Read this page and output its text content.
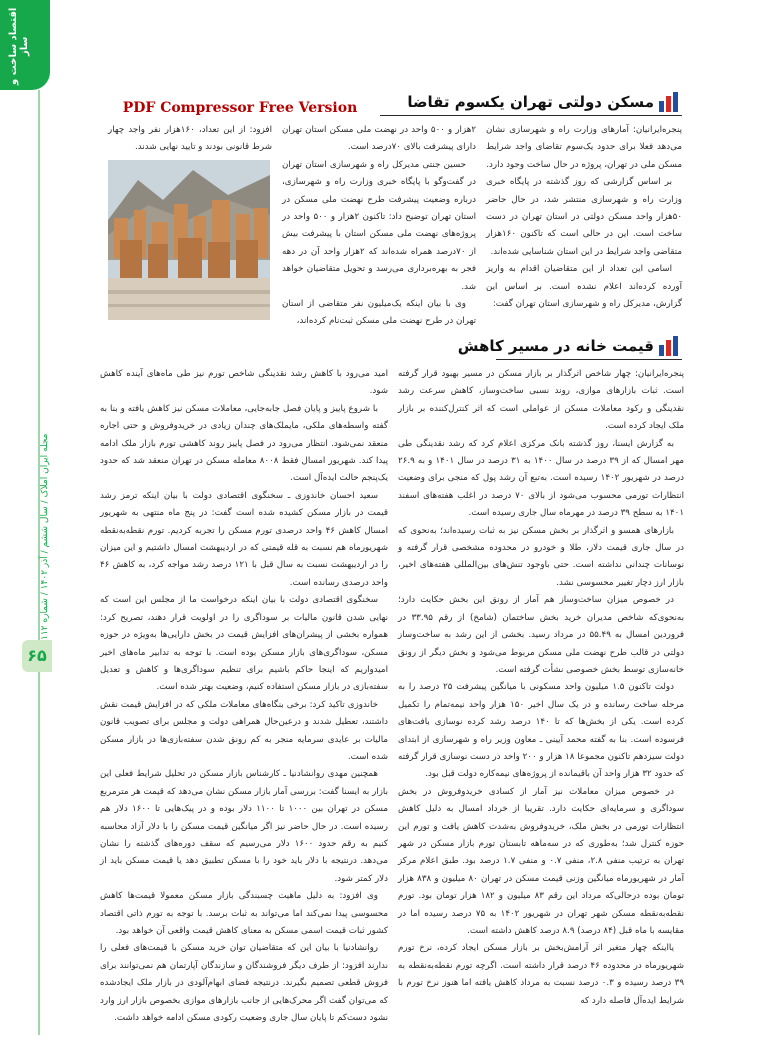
اقتصاد ساخت و ساز
مجله ایران املاک / سال ششم / آذر ۱۴۰۲ / شماره ۱۱۲
۶۵
PDF Compressor Free Version	مسکن دولتی تهران یکسوم تقاضا

پنجره‌ایرانیان: آمارهای وزارت راه و شهرسازی نشان می‌دهد فعلا برای حدود یک‌سوم تقاضای واجد شرایط مسکن ملی در تهران، پروژه در حال ساخت وجود دارد.

بر اساس گزارشی که روز گذشته در پایگاه خبری وزارت راه و شهرسازی منتشر شد، در حال حاضر ۵۰هزار واحد مسکن دولتی در استان تهران در دست ساخت است. این در حالی است که تاکنون ۱۶۰هزار متقاضی واجد شرایط در این استان شناسایی شده‌اند.

اسامی این تعداد از این متقاضیان اقدام به واریز آورده کرده‌اند اعلام نشده است. بر اساس این گزارش، مدیرکل راه و شهرسازی استان تهران گفت:

۲هزار و ۵۰۰ واحد در نهضت ملی مسکن استان تهران دارای پیشرفت بالای ۷۰درصد است.

حسین جنتی مدیرکل راه و شهرسازی استان تهران در گفت‌وگو با پایگاه خبری وزارت راه و شهرسازی، درباره وضعیت پیشرفت طرح نهضت ملی مسکن در استان تهران توضیح داد: تاکنون ۲هزار و ۵۰۰ واحد در پروژه‌های نهضت ملی مسکن استان با پیشرفت بیش از ۷۰درصد همراه شده‌اند که ۲هزار واحد آن در دهه فجر به بهره‌برداری می‌رسد و تحویل متقاضیان خواهد شد.

وی با بیان اینکه یک‌میلیون نفر متقاضی از استان تهران در طرح نهضت ملی مسکن ثبت‌نام کرده‌اند،

افزود: از این تعداد، ۱۶۰هزار نفر واجد چهار شرط قانونی بودند و تایید نهایی شدند.

قیمت خانه در مسیر کاهش

پنجره‌ایرانیان: چهار شاخص اثرگذار بر بازار مسکن در مسیر بهبود قرار گرفته است. ثبات بازارهای موازی، روند نسبی ساخت‌وساز، کاهش سرعت رشد نقدینگی و رکود معاملات مسکن از عواملی است که اثر کنترل‌کننده بر بازار ملک ایجاد کرده است.

به گزارش ایسنا، روز گذشته بانک مرکزی اعلام کرد که رشد نقدینگی طی مهر امسال که از ۳۹ درصد در سال ۱۴۰۰ به ۳۱ درصد در سال ۱۴۰۱ و به ۲۶.۹ درصد در شهریور ۱۴۰۲ رسیده است. به‌تبع آن رشد پول که منجی برای وضعیت انتظارات تورمی محسوب می‌شود از بالای ۷۰ درصد در اغلب هفته‌های اسفند ۱۴۰۱ به سطح ۳۹ درصد در مهرماه سال جاری رسیده است.

بازارهای همسو و اثرگذار بر بخش مسکن نیز به ثبات رسیده‌اند؛ به‌نحوی که در سال جاری قیمت دلار، طلا و خودرو در محدوده مشخصی قرار گرفته و نوسانات چندانی نداشته است. حتی باوجود تنش‌های بین‌المللی هفته‌های اخیر، بازار ارز دچار تغییر محسوسی نشد.

در خصوص میزان ساخت‌وساز هم آمار از رونق این بخش حکایت دارد؛ به‌نحوی‌که شاخص مدیران خرید بخش ساختمان (شامخ) از رقم ۳۳.۹۵ در فروردین امسال به ۵۵.۴۹ در مرداد رسید. بخشی از این رشد به ساخت‌وساز دولتی در قالب طرح نهضت ملی مسکن مربوط می‌شود و بخش دیگر از رونق خانه‌سازی توسط بخش خصوصی نشأت گرفته است.

دولت تاکنون ۱.۵ میلیون واحد مسکونی با میانگین پیشرفت ۲۵ درصد را به مرحله ساخت رسانده و در یک سال اخیر ۱۵۰ هزار واحد نیمه‌تمام را تکمیل کرده است. یکی از بخش‌ها که تا ۱۴۰ درصد رشد کرده نوسازی بافت‌های فرسوده است. بنا به گفته محمد آیینی ـ معاون وزیر راه و شهرسازی از ابتدای دولت سیزدهم تاکنون مجموعا ۱۸ هزار و ۲۰۰ واحد در دست نوسازی قرار گرفته که حدود ۳۲ هزار واحد آن باقیمانده از پروژه‌های نیمه‌کاره دولت قبل بود.

در خصوص میزان معاملات نیز آمار از کسادی خریدوفروش در بخش سوداگری و سرمایه‌ای حکایت دارد. تقریبا از خرداد امسال به دلیل کاهش انتظارات تورمی در بخش ملک، خریدوفروش به‌شدت کاهش یافت و تورم این حوزه کنترل شد؛ به‌طوری که در سه‌ماهه تابستان تورم بازار مسکن در شهر تهران به ترتیب منفی ۲.۸، منفی ۰.۷ و منفی ۱.۷ درصد بود. طبق اعلام مرکز آمار در شهریورماه میانگین وزنی قیمت مسکن در تهران ۸۰ میلیون و ۸۳۸ هزار تومان بوده در‌حالی‌که مرداد این رقم ۸۳ میلیون و ۱۸۲ هزار تومان بود. تورم نقطه‌به‌نقطه مسکن شهر تهران در شهریور ۱۴۰۲ به ۷۵ درصد رسیده اما در مقایسه با ماه قبل (۸۴ درصد) ۸.۹ درصد کاهش داشته است.

یا‌اینکه چهار متغیر اثر آرامش‌بخش بر بازار مسکن ایجاد کرده، نرخ تورم شهریورماه در محدوده ۴۶ درصد قرار داشته است. اگرچه تورم نقطه‌به‌نقطه به ۳۹ درصد رسیده و ۰.۳ درصد نسبت به مرداد کاهش یافته اما هنوز نرخ تورم با شرایط ایده‌آل فاصله دارد که

امید می‌رود با کاهش رشد نقدینگی شاخص تورم نیز طی ماه‌های آینده کاهش شود.

با شروع پاییز و پایان فصل جابه‌جایی، معاملات مسکن نیز کاهش یافته و بنا به گفته واسطه‌های ملکی، مایملک‌های چندان زیادی در خریدوفروش و حتی اجاره منعقد نمی‌شود. انتظار می‌رود در فصل پاییز روند کاهشی تورم بازار ملک ادامه پیدا کند. شهریور امسال فقط ۸۰۰۸ معامله مسکن در تهران منعقد شد که حدود یک‌پنجم حالت ایده‌آل است.

سعید احسان خاندوزی ـ سخنگوی اقتصادی دولت با بیان اینکه ترمز رشد قیمت در بازار مسکن کشیده شده است گفت: در پنج ماه منتهی به شهریور امسال کاهش ۴۶ واحد درصدی تورم مسکن را تجربه کردیم. تورم نقطه‌به‌نقطه شهریورماه هم نسبت به قله قیمتی که در اردیبهشت امسال داشتیم و این میزان را در اردیبهشت نسبت به سال قبل با ۱۲۱ درصد رشد مواجه کرد، به کاهش ۴۶ واحد درصدی رسانده است.

سخنگوی اقتصادی دولت با بیان اینکه درخواست ما از مجلس این است که نهایی شدن قانون مالیات بر سوداگری را در اولویت قرار دهند، تصریح کرد: همواره بخشی از پیشران‌های افزایش قیمت در بخش دارایی‌ها به‌ویژه در حوزه مسکن، سوداگری‌های بازار مسکن بوده است. با توجه به تدابیر ماه‌های اخیر امیدواریم که اینجا حاکم باشیم برای تنظیم سوداگری‌ها و کاهش و تعدیل سفته‌بازی در بازار مسکن استفاده کنیم، وضعیت بهتر شده است.

خاندوزی تاکید کرد: برخی بنگاه‌های معاملات ملکی که در افزایش قیمت نقش داشتند، تعطیل شدند و درعین‌حال همراهی دولت و مجلس برای تصویب قانون مالیات بر عایدی سرمایه منجر به کم رونق شدن سفته‌بازی‌ها در بازار مسکن شده است.

همچنین مهدی روانشادنیا ـ کارشناس بازار مسکن در تحلیل شرایط فعلی این بازار به ایسنا گفت: بررسی آمار بازار مسکن نشان می‌دهد که قیمت هر مترمربع مسکن در تهران بین ۱۰۰۰ تا ۱۱۰۰ دلار بوده و در پیک‌هایی تا ۱۶۰۰ دلار هم رسیده است. در حال حاضر نیز اگر میانگین قیمت مسکن را با دلار آزاد محاسبه کنیم به رقم حدود ۱۶۰۰ دلار می‌رسیم که سقف دوره‌های گذشته را نشان می‌دهد. درنتیجه با دلار باید خود را با مسکن تطبیق دهد یا قیمت مسکن باید از دلار کمتر شود.

وی افزود: به دلیل ماهیت چسبندگی بازار مسکن معمولا قیمت‌ها کاهش محسوسی پیدا نمی‌کند اما می‌تواند به ثبات برسد. با توجه به تورم ذاتی اقتصاد کشور ثبات قیمت اسمی مسکن به معنای کاهش قیمت واقعی آن خواهد بود.

روانشادنیا با بیان این که متقاضیان توان خرید مسکن با قیمت‌های فعلی را ندارند افزود: از طرف دیگر فروشندگان و سازندگان آپارتمان هم نمی‌توانند برای فروش قطعی تصمیم بگیرند. درنتیجه فضای ابهام‌آلودی در بازار ملک ایجادشده که می‌توان گفت اگر محرک‌هایی از جانب بازارهای موازی بخصوص بازار ارز وارد نشود دست‌کم تا پایان سال جاری وضعیت رکودی مسکن ادامه خواهد داشت.
